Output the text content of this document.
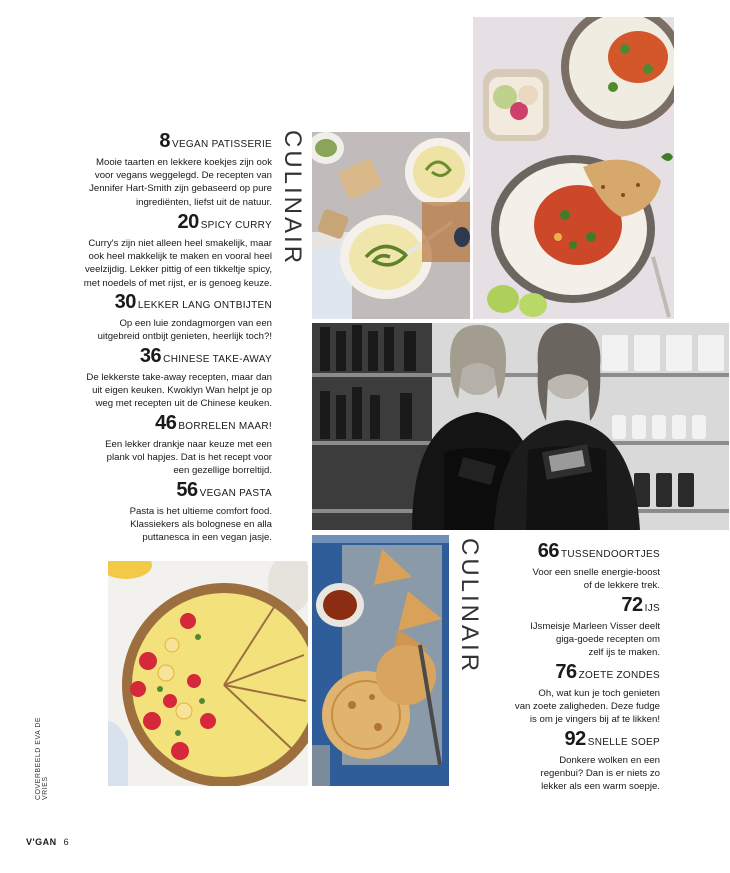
CULINAIR
CULINAIR
8 VEGAN PATISSERIE
Mooie taarten en lekkere koekjes zijn ook
voor vegans weggelegd. De recepten van
Jennifer Hart-Smith zijn gebaseerd op pure
ingrediënten, liefst uit de natuur.
20 SPICY CURRY
Curry's zijn niet alleen heel smakelijk, maar
ook heel makkelijk te maken en vooral heel
veelzijdig. Lekker pittig of een tikkeltje spicy,
met noedels of met rijst, er is genoeg keuze.
30 LEKKER LANG ONTBIJTEN
Op een luie zondagmorgen van een
uitgebreid ontbijt genieten, heerlijk toch?!
36 CHINESE TAKE-AWAY
De lekkerste take-away recepten, maar dan
uit eigen keuken. Kwoklyn Wan helpt je op
weg met recepten uit de Chinese keuken.
46 BORRELEN MAAR!
Een lekker drankje naar keuze met een
plank vol hapjes. Dat is het recept voor
een gezellige borreltijd.
56 VEGAN PASTA
Pasta is het ultieme comfort food.
Klassiekers als bolognese en alla
puttanesca in een vegan jasje.
66 TUSSENDOORTJES
Voor een snelle energie-boost
of de lekkere trek.
72 IJS
IJsmeisje Marleen Visser deelt
giga-goede recepten om
zelf ijs te maken.
76 ZOETE ZONDES
Oh, wat kun je toch genieten
van zoete zaligheden. Deze fudge
is om je vingers bij af te likken!
92 SNELLE SOEP
Donkere wolken en een
regenbui? Dan is er niets zo
lekker als een warm soepje.
COVERBEELD EVA DE VRIES
V'GAN 6
